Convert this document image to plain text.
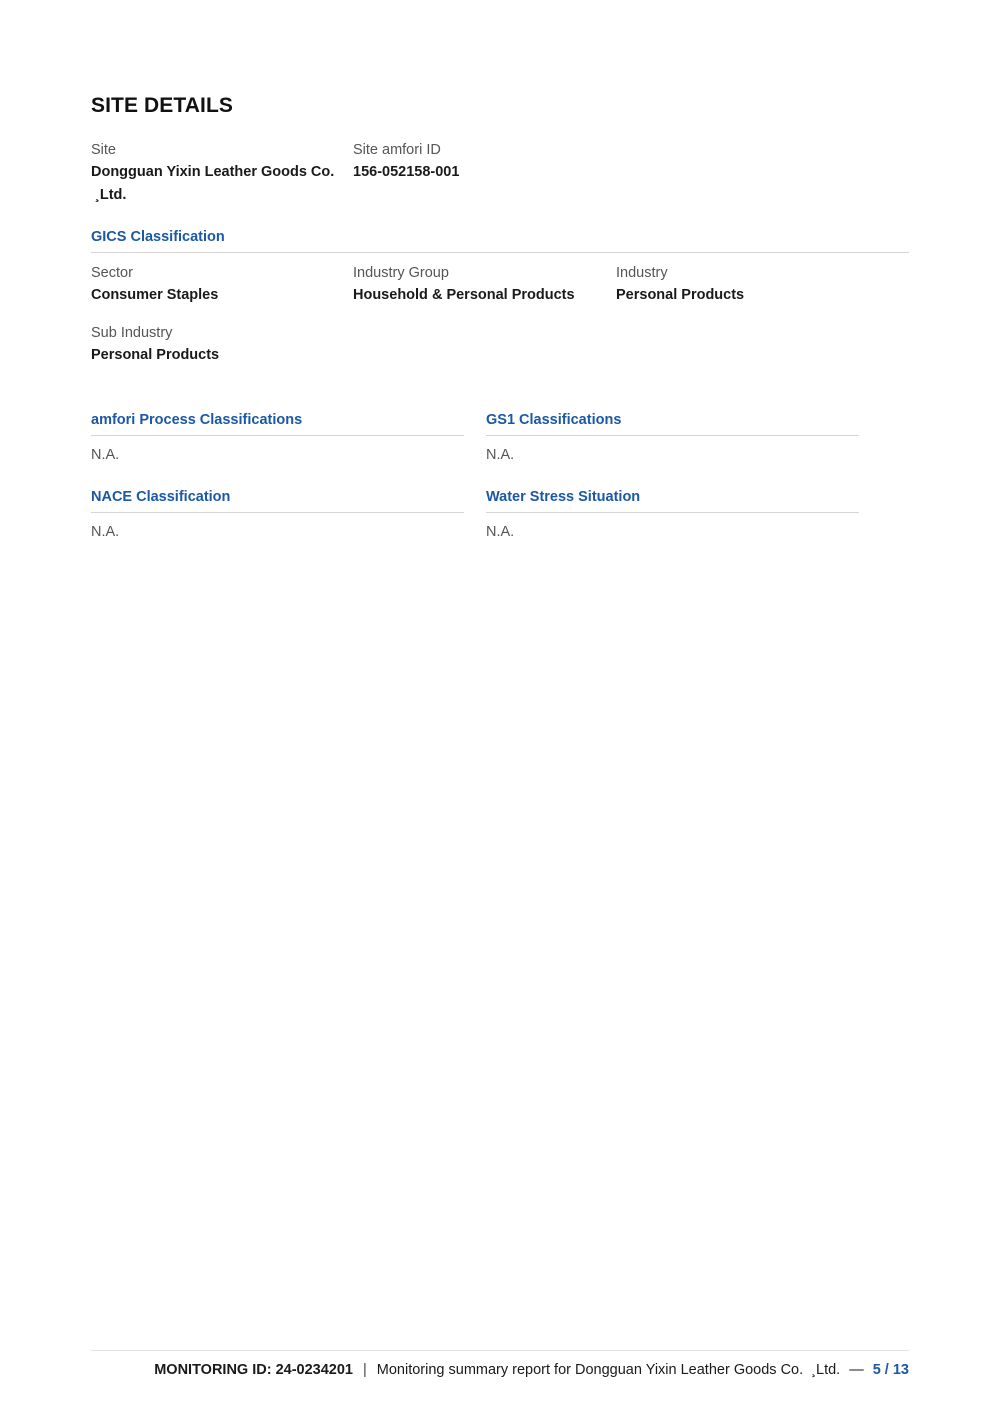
SITE DETAILS
Site
Dongguan Yixin Leather Goods Co.  ¸Ltd.
Site amfori ID
156-052158-001
GICS Classification
Sector
Consumer Staples
Industry Group
Household & Personal Products
Industry
Personal Products
Sub Industry
Personal Products
amfori Process Classifications
N.A.
GS1 Classifications
N.A.
NACE Classification
N.A.
Water Stress Situation
N.A.
MONITORING ID: 24-0234201 | Monitoring summary report for Dongguan Yixin Leather Goods Co.  ¸Ltd. — 5 / 13
